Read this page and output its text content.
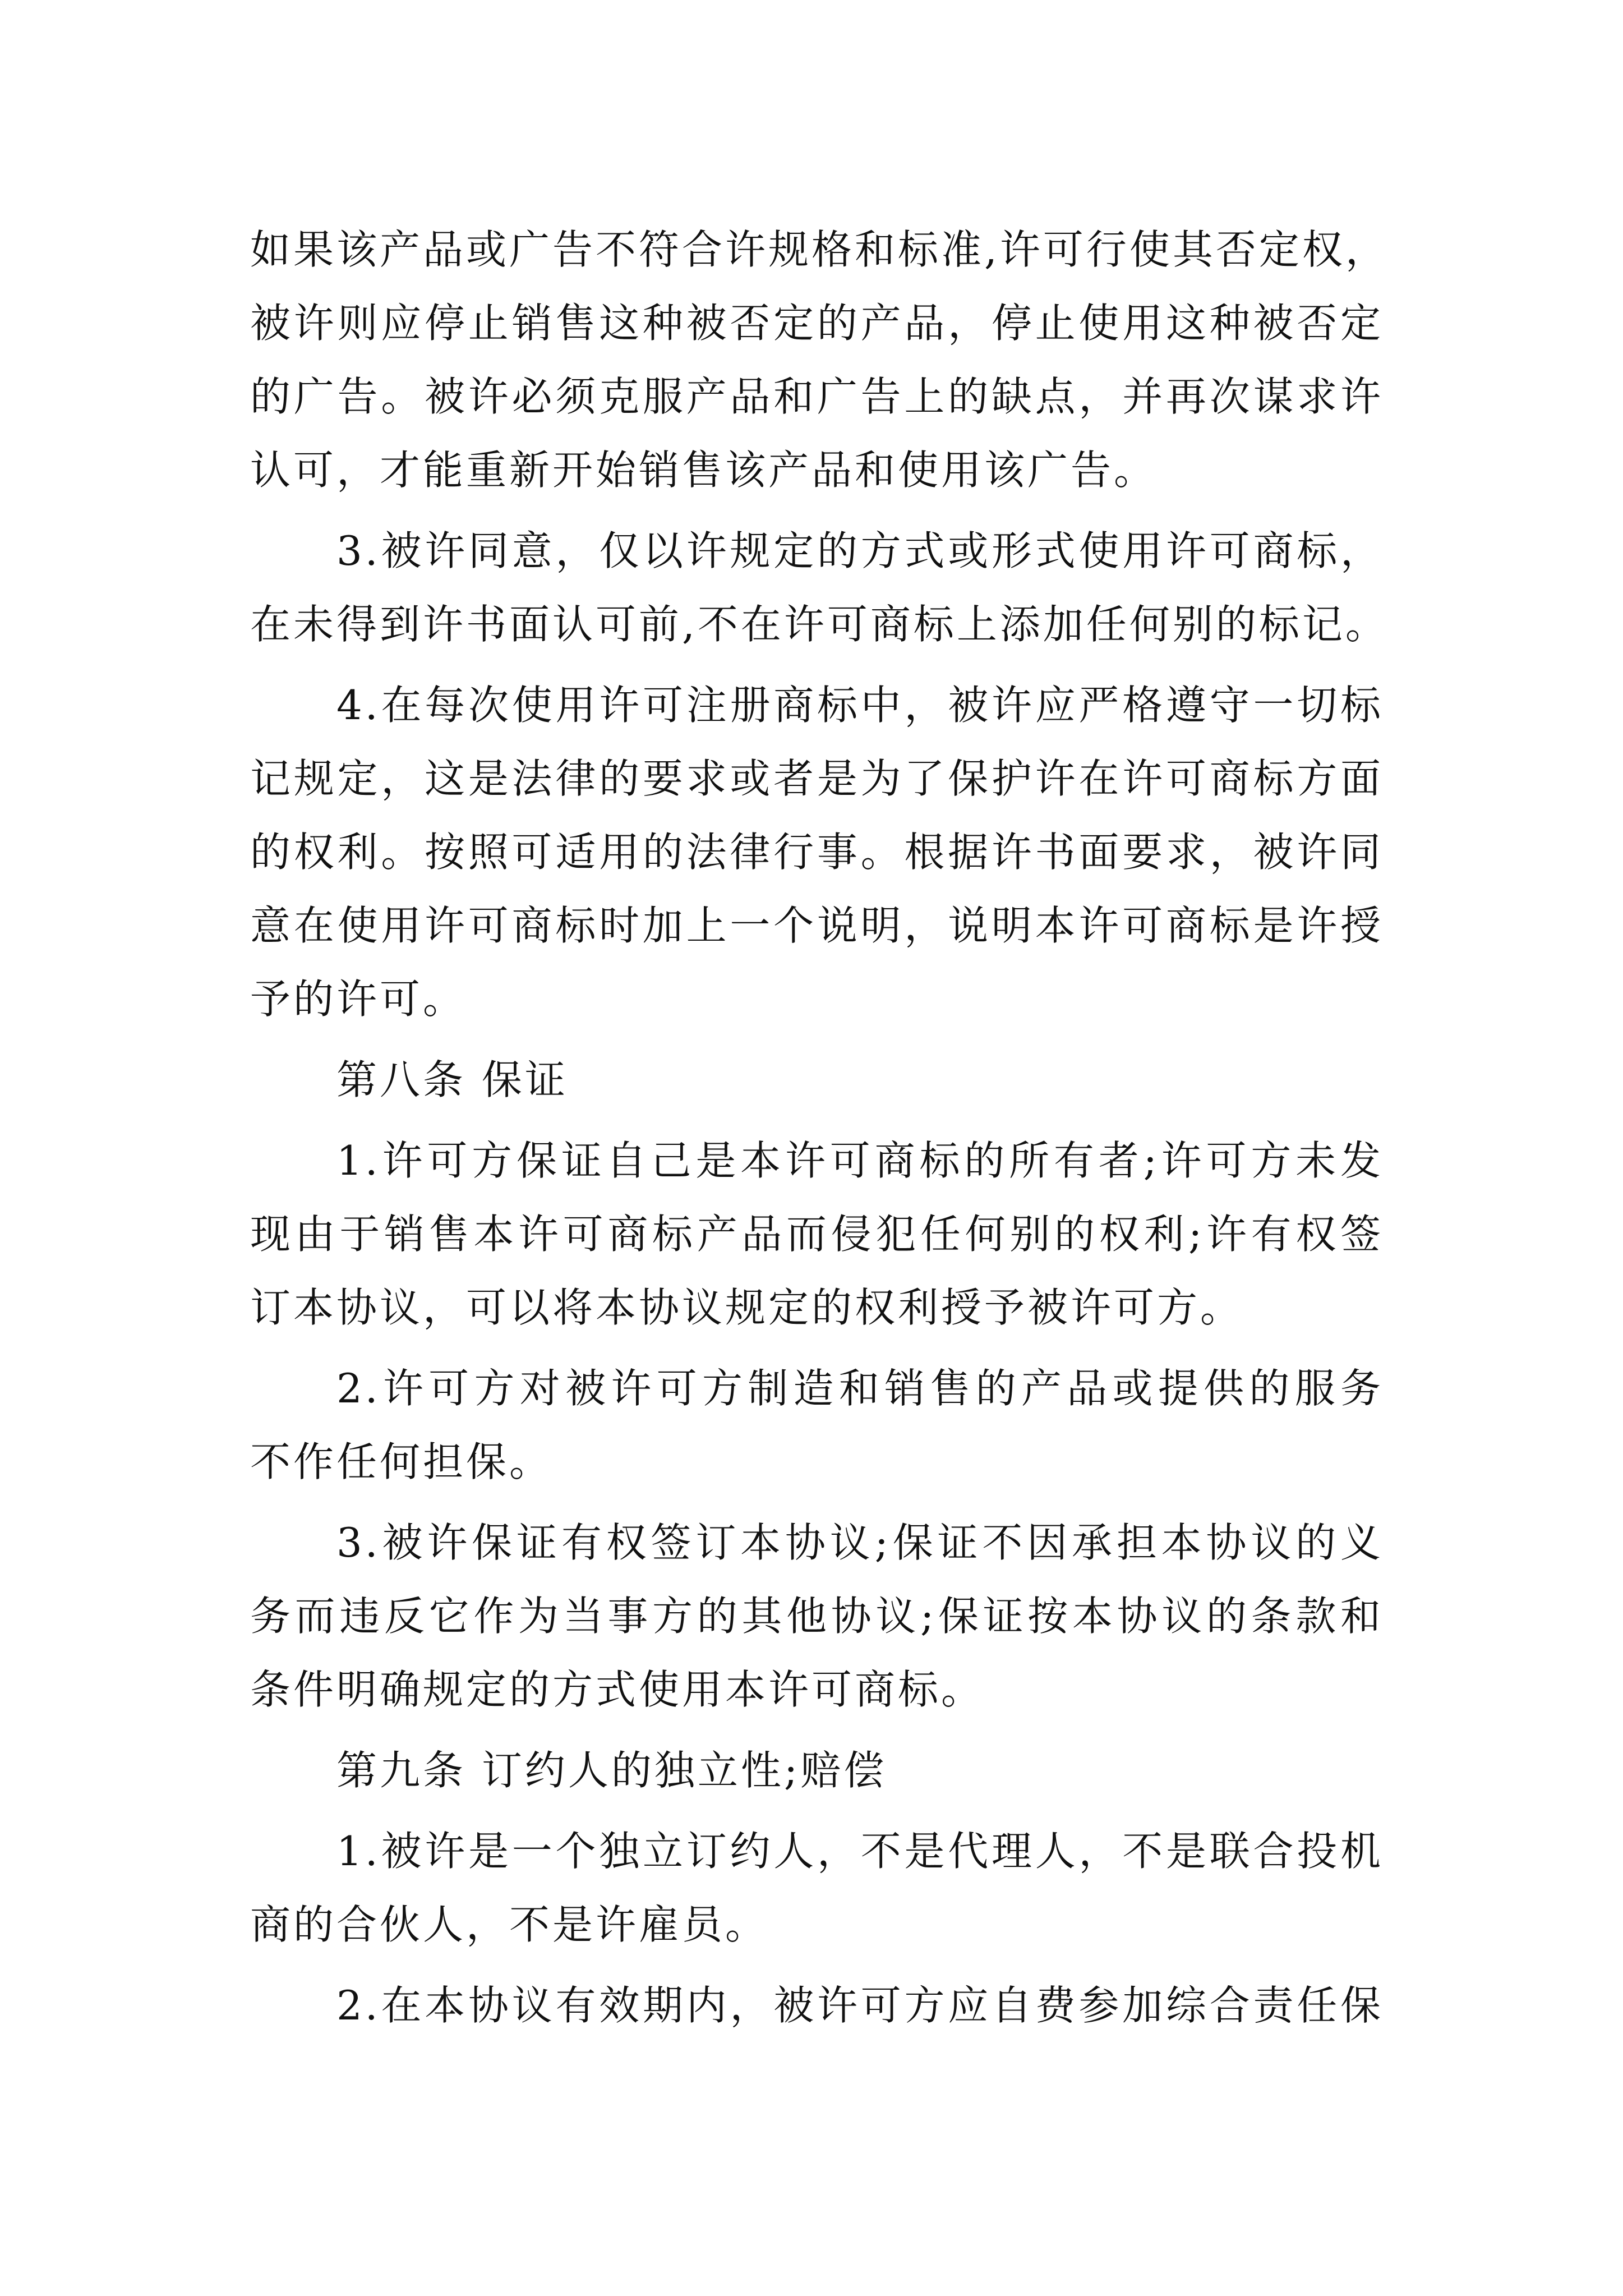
如果该产品或广告不符合许规格和标准,许可行使其否定权，
被许则应停止销售这种被否定的产品，停止使用这种被否定
的广告。被许必须克服产品和广告上的缺点，并再次谋求许
认可，才能重新开始销售该产品和使用该广告。
3.被许同意，仅以许规定的方式或形式使用许可商标，
在未得到许书面认可前,不在许可商标上添加任何别的标记。
4.在每次使用许可注册商标中，被许应严格遵守一切标
记规定，这是法律的要求或者是为了保护许在许可商标方面
的权利。按照可适用的法律行事。根据许书面要求，被许同
意在使用许可商标时加上一个说明，说明本许可商标是许授
予的许可。
第八条 保证
1.许可方保证自己是本许可商标的所有者;许可方未发
现由于销售本许可商标产品而侵犯任何别的权利;许有权签
订本协议，可以将本协议规定的权利授予被许可方。
2.许可方对被许可方制造和销售的产品或提供的服务
不作任何担保。
3.被许保证有权签订本协议;保证不因承担本协议的义
务而违反它作为当事方的其他协议;保证按本协议的条款和
条件明确规定的方式使用本许可商标。
第九条 订约人的独立性;赔偿
1.被许是一个独立订约人，不是代理人，不是联合投机
商的合伙人，不是许雇员。
2.在本协议有效期内，被许可方应自费参加综合责任保
